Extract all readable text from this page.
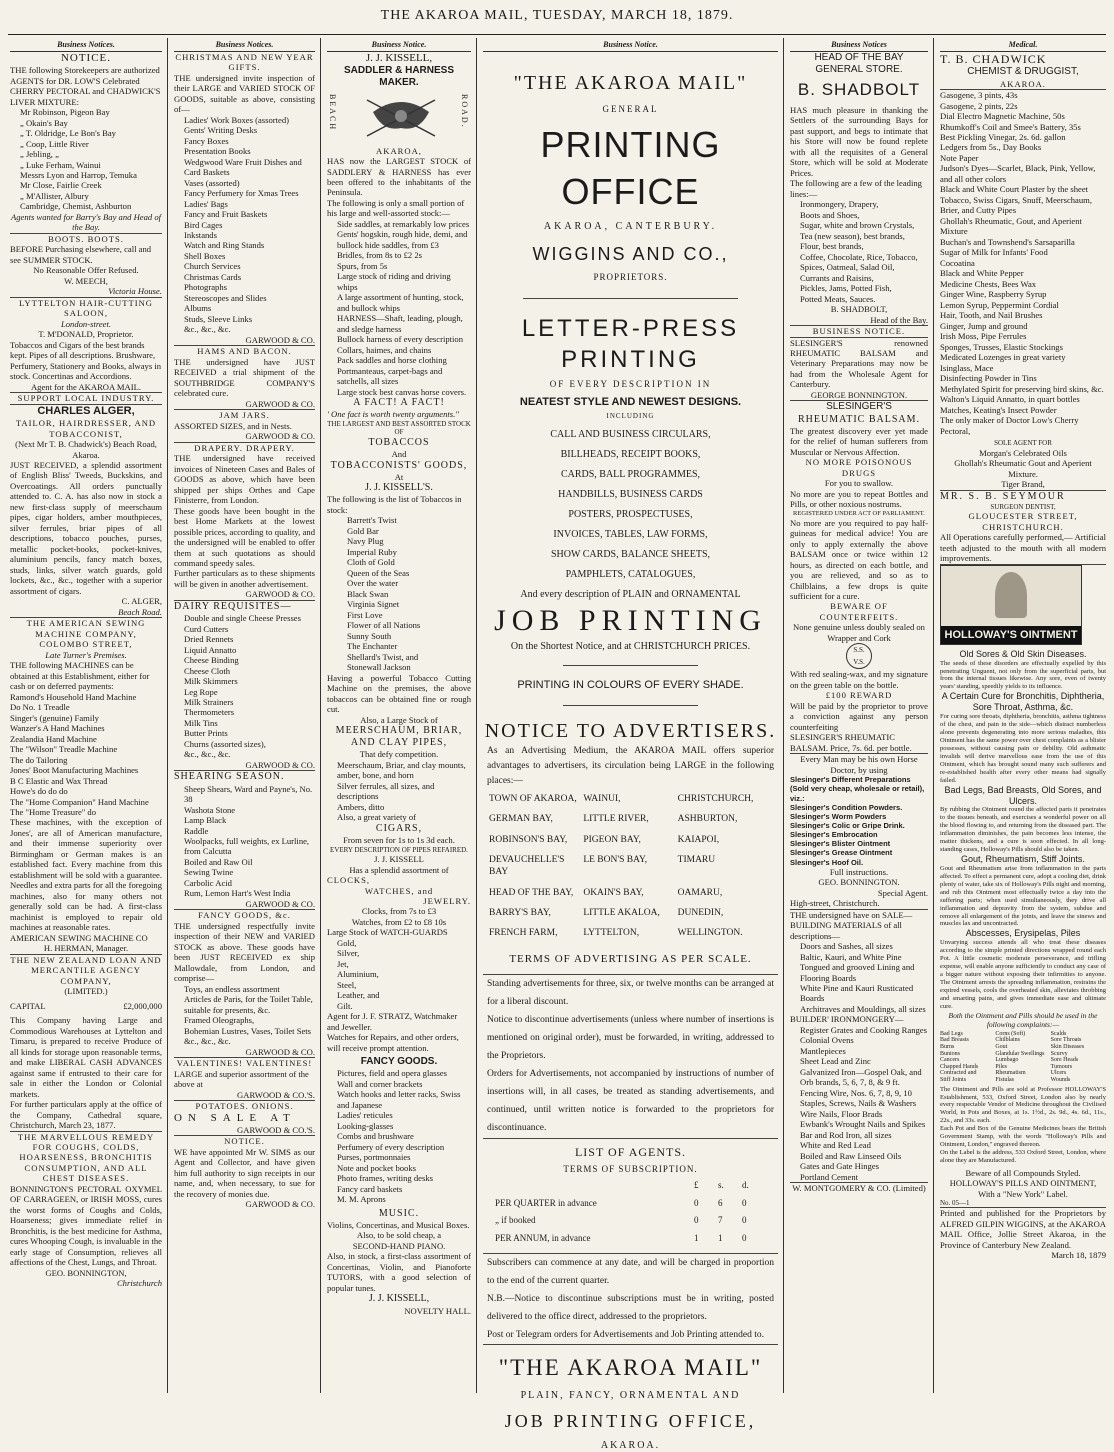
THE AKAROA MAIL, TUESDAY, MARCH 18, 1879.
Business Notices.
NOTICE.

THE following Storekeepers are authorized AGENTS for DR. LOW'S Celebrated CHERRY PECTORAL and CHADWICK'S LIVER MIXTURE:

Mr Robinson, Pigeon Bay
„ Okain's Bay
„ T. Oldridge, Le Bon's Bay
„ Coop, Little River
„ Jebling, „
„ Luke Ferham, Wainui
Messrs Lyon and Harrop, Temuka
Mr Close, Fairlie Creek
„ M'Allister, Albury
Cambridge, Chemist, Ashburton

Agents wanted for Barry's Bay and Head of the Bay.

BOOTS. BOOTS.

BEFORE Purchasing elsewhere, call and see SUMMER STOCK.

No Reasonable Offer Refused.

W. MEECH,

Victoria House.

LYTTELTON HAIR-CUTTING SALOON,

London-street.

T. M'DONALD, Proprietor.

Tobaccos and Cigars of the best brands kept. Pipes of all descriptions. Brushware, Perfumery, Stationery and Books, always in stock. Concertinas and Accordions.

Agent for the AKAROA MAIL.

SUPPORT LOCAL INDUSTRY.
CHARLES ALGER,
TAILOR, HAIRDRESSER, AND TOBACCONIST,

(Next Mr T. B. Chadwick's) Beach Road, Akaroa.

JUST RECEIVED, a splendid assortment of English Bliss' Tweeds, Buckskins, and Overcoatings. All orders punctually attended to. C. A. has also now in stock a new first-class supply of meerschaum pipes, cigar holders, amber mouthpieces, silver ferrules, briar pipes of all descriptions, tobacco pouches, purses, metallic pocket-books, pocket-knives, aluminium pencils, fancy match boxes, studs, links, silver watch guards, gold lockets, &c., &c., together with a superior assortment of cigars.

C. ALGER,

Beach Road.

THE AMERICAN SEWING MACHINE COMPANY,
COLOMBO STREET,

Late Turner's Premises.

THE following MACHINES can be obtained at this Establishment, either for cash or on deferred payments:

Ramond's Household Hand Machine
Do No. 1 Treadle
Singer's (genuine) Family
Wanzer's A Hand Machines
Zealandia Hand Machine
The "Wilson" Treadle Machine
The do Tailoring
Jones' Boot Manufacturing Machines
B C Elastic and Wax Thread
Howe's do do do
The "Home Companion" Hand Machine
The "Home Treasure" do

These machines, with the exception of Jones', are all of American manufacture, and their immense superiority over Birmingham or German makes is an established fact. Every machine from this establishment will be sold with a guarantee. Needles and extra parts for all the foregoing machines, also for many others not generally sold can be had. A first-class machinist is employed to repair old machines at reasonable rates.

AMERICAN SEWING MACHINE CO

H. HERMAN, Manager.

THE NEW ZEALAND LOAN AND MERCANTILE AGENCY COMPANY,

(LIMITED.)

CAPITAL	£2,000,000

This Company having Large and Commodious Warehouses at Lyttelton and Timaru, is prepared to receive Produce of all kinds for storage upon reasonable terms, and make LIBERAL CASH ADVANCES against same if entrusted to their care for sale in either the London or Colonial markets.

For further particulars apply at the office of the Company, Cathedral square, Christchurch, March 23, 1877.

THE MARVELLOUS REMEDY FOR COUGHS, COLDS, HOARSENESS, BRONCHITIS CONSUMPTION, AND ALL CHEST DISEASES.

BONNINGTON'S PECTORAL OXYMEL OF CARRAGEEN, or IRISH MOSS, cures the worst forms of Coughs and Colds, Hoarseness; gives immediate relief in Bronchitis, is the best medicine for Asthma, cures Whooping Cough, is invaluable in the early stage of Consumption, relieves all affections of the Chest, Lungs, and Throat.

GEO. BONNINGTON,

Christchurch

Business Notices.
CHRISTMAS AND NEW YEAR GIFTS.

THE undersigned invite inspection of their LARGE and VARIED STOCK OF GOODS, suitable as above, consisting of—

Ladies' Work Boxes (assorted)
Gents' Writing Desks
Fancy Boxes
Presentation Books
Wedgwood Ware Fruit Dishes and Card Baskets
Vases (assorted)
Fancy Perfumery for Xmas Trees
Ladies' Bags
Fancy and Fruit Baskets
Bird Cages
Inkstands
Watch and Ring Stands
Shell Boxes
Church Services
Christmas Cards
Photographs
Stereoscopes and Slides
Albums
Studs, Sleeve Links
&c., &c., &c.

GARWOOD & CO.

HAMS AND BACON.

THE undersigned have JUST RECEIVED a trial shipment of the SOUTHBRIDGE COMPANY'S celebrated cure.

GARWOOD & CO.

JAM JARS.

ASSORTED SIZES, and in Nests.

GARWOOD & CO.

DRAPERY. DRAPERY.

THE undersigned have received invoices of Nineteen Cases and Bales of GOODS as above, which have been shipped per ships Orthes and Cape Finisterre, from London.

These goods have been bought in the best Home Markets at the lowest possible prices, according to quality, and the undersigned will be enabled to offer them at such quotations as should command speedy sales.

Further particulars as to these shipments will be given in another advertisement.

GARWOOD & CO.

DAIRY REQUISITES—
Double and single Cheese Presses
Curd Cutters
Dried Rennets
Liquid Annatto
Cheese Binding
Cheese Cloth
Milk Skimmers
Leg Rope
Milk Strainers
Thermometers
Milk Tins
Butter Prints
Churns (assorted sizes),
&c., &c., &c.

GARWOOD & CO.

SHEARING SEASON.
Sheep Shears, Ward and Payne's, No. 38
Washota Stone
Lamp Black
Raddle
Woolpacks, full weights, ex Lurline, from Calcutta
Boiled and Raw Oil
Sewing Twine
Carbolic Acid
Rum, Lemon Hart's West India

GARWOOD & CO.

FANCY GOODS, &c.

THE undersigned respectfully invite inspection of their NEW and VARIED STOCK as above. These goods have been JUST RECEIVED ex ship Mallowdale, from London, and comprise—

Toys, an endless assortment
Articles de Paris, for the Toilet Table, suitable for presents, &c.
Framed Oleographs,
Bohemian Lustres, Vases, Toilet Sets
&c., &c., &c.

GARWOOD & CO.

VALENTINES! VALENTINES!

LARGE and superior assortment of the above at

GARWOOD & CO.'S.

POTATOES. ONIONS.

ON SALE AT

GARWOOD & CO.'S.

NOTICE.

WE have appointed Mr W. SIMS as our Agent and Collector, and have given him full authority to sign receipts in our name, and, when necessary, to sue for the recovery of monies due.

GARWOOD & CO.

Business Notice.
J. J. KISSELL,
SADDLER & HARNESS MAKER.
BEACH	ROAD.
AKAROA,

HAS now the LARGEST STOCK of SADDLERY & HARNESS has ever been offered to the inhabitants of the Peninsula.

The following is only a small portion of his large and well-assorted stock:—

Side saddles, at remarkably low prices
Gents' hogskin, rough hide, demi, and bullock hide saddles, from £3
Bridles, from 8s to £2 2s
Spurs, from 5s
Large stock of riding and driving whips
A large assortment of hunting, stock, and bullock whips
HARNESS—Shaft, leading, plough, and sledge harness
Bullock harness of every description
Collars, haimes, and chains
Pack saddles and horse clothing
Portmanteaus, carpet-bags and satchells, all sizes
Large stock best canvas horse covers.
A FACT! A FACT!

' One fact is worth twenty arguments."

THE LARGEST AND BEST ASSORTED STOCK OF

TOBACCOS
And
TOBACCONISTS' GOODS,
At
J. J. KISSELL'S.

The following is the list of Tobaccos in stock:

Barrett's Twist
Gold Bar
Navy Plug
Imperial Ruby
Cloth of Gold
Queen of the Seas
Over the water
Black Swan
Virginia Signet
First Love
Flower of all Nations
Sunny South
The Enchanter
Shellard's Twist, and
Stonewall Jackson

Having a powerful Tobacco Cutting Machine on the premises, the above tobaccos can be obtained fine or rough cut.

Also, a Large Stock of

MEERSCHAUM, BRIAR, AND CLAY PIPES,

That defy competition.

Meerschaum, Briar, and clay mounts, amber, bone, and horn
Silver ferrules, all sizes, and descriptions
Ambers, ditto
Also, a great variety of
CIGARS,

From seven for 1s to 1s 3d each.

EVERY DESCRIPTION OF PIPES REFAIRED.

J. J. KISSELL

Has a splendid assortment of

CLOCKS,
WATCHES, and
JEWELRY.

Clocks, from 7s to £3

Watches, from £2 to £8 10s

Large Stock of WATCH-GUARDS

Gold,
Silver,
Jet,
Aluminium,
Steel,
Leather, and
Gilt.

Agent for J. F. STRATZ, Watchmaker and Jeweller.

Watches for Repairs, and other orders, will receive prompt attention.

FANCY GOODS.
Pictures, field and opera glasses
Wall and corner brackets
Watch hooks and letter racks, Swiss and Japanese
Ladies' reticules
Looking-glasses
Combs and brushware
Perfumery of every description
Purses, portmonnaies
Note and pocket books
Photo frames, writing desks
Fancy card baskets
M. M. Aprons
MUSIC.

Violins, Concertinas, and Musical Boxes.

Also, to be sold cheap, a

SECOND-HAND PIANO.

Also, in stock, a first-class assortment of Concertinas, Violin, and Pianoforte TUTORS, with a good selection of popular tunes.

J. J. KISSELL,

NOVELTY HALL.

Business Notice.
"THE AKAROA MAIL"
GENERAL
PRINTING OFFICE
AKAROA, CANTERBURY.
WIGGINS AND CO.,
PROPRIETORS.
LETTER-PRESS PRINTING
OF EVERY DESCRIPTION IN
NEATEST STYLE AND NEWEST DESIGNS.
INCLUDING
CALL AND BUSINESS CIRCULARS,
BILLHEADS, RECEIPT BOOKS,
CARDS, BALL PROGRAMMES,
HANDBILLS, BUSINESS CARDS
POSTERS, PROSPECTUSES,
INVOICES, TABLES, LAW FORMS,
SHOW CARDS, BALANCE SHEETS,
PAMPHLETS, CATALOGUES,

And every description of PLAIN and ORNAMENTAL

JOB PRINTING

On the Shortest Notice, and at CHRISTCHURCH PRICES.

PRINTING IN COLOURS OF EVERY SHADE.
NOTICE TO ADVERTISERS.

As an Advertising Medium, the AKAROA MAIL offers superior advantages to advertisers, its circulation being LARGE in the following places:—

TOWN OF AKAROA, WAINUI,	CHRISTCHURCH,
GERMAN BAY,	LITTLE RIVER,	ASHBURTON,
ROBINSON'S BAY,	PIGEON BAY,	KAIAPOI,
DEVAUCHELLE'S BAY
LE BON'S BAY,	TIMARU
HEAD OF THE BAY,	OKAIN'S BAY,	OAMARU,
BARRY'S BAY,	LITTLE AKALOA,	DUNEDIN,
FRENCH FARM,	LYTTELTON,	WELLINGTON.
TERMS OF ADVERTISING AS PER SCALE.

Standing advertisements for three, six, or twelve months can be arranged at for a liberal discount.

Notice to discontinue advertisements (unless where number of insertions is mentioned on original order), must be forwarded, in writing, addressed to the Proprietors.

Orders for Advertisements, not accompanied by instructions of number of insertions will, in all cases, be treated as standing advertisements, and continued, until written notice is forwarded to the proprietors for discontinuance.

LIST OF AGENTS.
TERMS OF SUBSCRIPTION.
£	s.	d.
PER QUARTER in advance	0	6	0
„ if booked	0	7	0
PER ANNUM, in advance	1	1	0

Subscribers can commence at any date, and will be charged in proportion to the end of the current quarter.

N.B.—Notice to discontinue subscriptions must be in writing, posted delivered to the office direct, addressed to the proprietors.

Post or Telegram orders for Advertisements and Job Printing attended to.

"THE AKAROA MAIL"
PLAIN, FANCY, ORNAMENTAL AND
JOB PRINTING OFFICE,
AKAROA.
Business Notices
HEAD OF THE BAY GENERAL STORE.
B. SHADBOLT

HAS much pleasure in thanking the Settlers of the surrounding Bays for past support, and begs to intimate that his Store will now be found replete with all the requisites of a General Store, which will be sold at Moderate Prices.

The following are a few of the leading lines:—

Ironmongery, Drapery,
Boots and Shoes,
Sugar, white and brown Crystals,
Tea (new season), best brands,
Flour, best brands,
Coffee, Chocolate, Rice, Tobacco,
Spices, Oatmeal, Salad Oil,
Currants and Raisins,
Pickles, Jams, Potted Fish,
Potted Meats, Sauces.

B. SHADBOLT,

Head of the Bay.

BUSINESS NOTICE.

SLESINGER'S renowned RHEUMATIC BALSAM and Veterinary Preparations may now be had from the Wholesale Agent for Canterbury.

GEORGE BONNINGTON.

SLESINGER'S
RHEUMATIC BALSAM.

The greatest discovery ever yet made for the relief of human sufferers from Muscular or Nervous Affection.

NO MORE POISONOUS DRUGS

For you to swallow.

No more are you to repeat Bottles and Pills, or other noxious nostrums.

REGISTERED UNDER ACT OF PARLIAMENT.

No more are you required to pay half-guineas for medical advice! You are only to apply externally the above BALSAM once or twice within 12 hours, as directed on each bottle, and you are relieved, and so as to Chilblains, a few drops is quite sufficient for a cure.

BEWARE OF COUNTERFEITS.

None genuine unless doubly sealed on Wrapper and Cork

S.S. V.S.

With red sealing-wax, and my signature on the green table on the bottle.

£100 REWARD

Will be paid by the proprietor to prove a conviction against any person counterfeiting

SLESINGER'S RHEUMATIC BALSAM. Price, 7s. 6d. per bottle.

Every Man may be his own Horse Doctor, by using

Slesinger's Different Preparations
(Sold very cheap, wholesale or retail), viz.:
Slesinger's Condition Powders.
Slesinger's Worm Powders
Slesinger's Colic or Gripe Drink.
Slesinger's Embrocation
Slesinger's Blister Ointment
Slesinger's Grease Ointment
Slesinger's Hoof Oil.

Full instructions.

GEO. BONNINGTON.

Special Agent.

High-street, Christchurch.

THE undersigned have on SALE—

BUILDING MATERIALS of all descriptions—

Doors and Sashes, all sizes
Baltic, Kauri, and White Pine
Tongued and grooved Lining and Flooring Boards
White Pine and Kauri Rusticated Boards
Architraves and Mouldings, all sizes

BUILDER' IRONMONGERY—

Register Grates and Cooking Ranges
Colonial Ovens
Mantlepieces
Sheet Lead and Zinc
Galvanized Iron—Gospel Oak, and Orb brands, 5, 6, 7, 8, & 9 ft.
Fencing Wire, Nos. 6, 7, 8, 9, 10
Staples, Screws, Nails & Washers
Wire Nails, Floor Brads
Ewbank's Wrought Nails and Spikes
Bar and Rod Iron, all sizes
White and Red Lead
Boiled and Raw Linseed Oils
Gates and Gate Hinges
Portland Cement

W. MONTGOMERY & CO. (Limited)

Medical.
T. B. CHADWICK
CHEMIST & DRUGGIST,
AKAROA.
Gasogene, 3 pints, 43s
Gasogene, 2 pints, 22s
Dial Electro Magnetic Machine, 50s
Rhumkoff's Coil and Smee's Battery, 35s
Best Pickling Vinegar, 2s. 6d. gallon
Ledgers from 5s., Day Books
Note Paper
Judson's Dyes—Scarlet, Black, Pink, Yellow, and all other colors
Black and White Court Plaster by the sheet
Tobacco, Swiss Cigars, Snuff, Meerschaum, Brier, and Cutty Pipes
Ghollah's Rheumatic, Gout, and Aperient Mixture
Buchan's and Townshend's Sarsaparilla
Sugar of Milk for Infants' Food
Cocoatina
Black and White Pepper
Medicine Chests, Bees Wax
Ginger Wine, Raspberry Syrup
Lemon Syrup, Peppermint Cordial
Hair, Tooth, and Nail Brushes
Ginger, Jump and ground
Irish Moss, Pipe Ferrules
Sponges, Trusses, Elastic Stockings
Medicated Lozenges in great variety
Isinglass, Mace
Disinfecting Powder in Tins
Methylated Spirit for preserving bird skins, &c.
Walton's Liquid Annatto, in quart bottles
Matches, Keating's Insect Powder
The only maker of Doctor Low's Cherry Pectoral,

SOLE AGENT FOR

Morgan's Celebrated Oils
Ghollah's Rheumatic Gout and Aperient Mixture.
Tiger Brand,
MR. S. B. SEYMOUR
SURGEON DENTIST,
GLOUCESTER STREET,
CHRISTCHURCH.

All Operations carefully performed,— Artificial teeth adjusted to the mouth with all modern improvements.

HOLLOWAY'S OINTMENT
Old Sores & Old Skin Diseases.

The seeds of these disorders are effectually expelled by this penetrating Unguent, not only from the superficial parts, but from the internal tissues likewise. Any sore, even of twenty years' standing, speedily yields to its influence.

A Certain Cure for Bronchitis, Diphtheria, Sore Throat, Asthma, &c.

For curing sore throats, diphtheria, bronchitis, asthma tightness of the chest, and pain in the side—which distract numberless alone prevents degenerating into more serious maladies, this Ointment has the same power over chest complaints as a blister possesses, without causing pain or debility. Old asthmatic invalids will derive marvellous ease from the use of this Ointment, which has brought sound many such sufferers and re-established health after every other means had signally failed.

Bad Legs, Bad Breasts, Old Sores, and Ulcers.

By rubbing the Ointment round the affected parts it penetrates to the tissues beneath, and exercises a wonderful power on all the blood flowing to, and returning from the diseased part. The inflammation diminishes, the pain becomes less intense, the matter thickens, and a cure is soon effected. In all long-standing cases, Holloway's Pills should also be taken.

Gout, Rheumatism, Stiff Joints.

Gout and Rheumatism arise from inflammation in the parts affected. To effect a permanent cure, adopt a cooling diet, drink plenty of water, take six of Holloway's Pills night and morning, and rub this Ointment most effectually twice a day into the suffering parts; when used simultaneously, they drive all inflammation and depravity from the system, subdue and remove all enlargement of the joints, and leave the sinews and muscles lax and uncontracted.

Abscesses, Erysipelas, Piles

Unvarying success attends all who treat these diseases according to the simple printed directions wrapped round each Pot. A little cosmetic moderate perseverance, and trifling expense, will enable anyone sufficiently to conduct any case of a bigger nature without exposing their infirmities to anyone. The Ointment arrests the spreading inflammation, restrains the expired vessels, cools the overheated skin, alleviates throbbing and smarting pains, and gives immediate ease and ultimate cure.

Both the Ointment and Pills should be used in the following complaints:—

Bad Legs	Corns (Soft)	Scalds
Bad Breasts	Chilblains	Sore Throats
Burns	Gout	Skin Diseases
Bunions	Glandular Swellings	Scurvy
Cancers	Lumbago	Sore Heads
Chapped Hands	Piles	Tumours
Contracted and	Rheumatism	Ulcers
Stiff Joints	Fistulas	Wounds

The Ointment and Pills are sold at Professor HOLLOWAY'S Establishment, 533, Oxford Street, London also by nearly every respectable Vendor of Medicine throughout the Civilised World, in Pots and Boxes, at 1s. 1½d., 2s. 9d., 4s. 6d., 11s., 22s., and 33s. each.

Each Pot and Box of the Genuine Medicines bears the British Government Stamp, with the words "Holloway's Pills and Ointment, London," engraved thereon.

On the Label is the address, 533 Oxford Street, London, where alone they are Manufactured.

Beware of all Compounds Styled.

HOLLOWAY'S PILLS AND OINTMENT,

With a "New York" Label.

No. 05—1

Printed and published for the Proprietors by ALFRED GILPIN WIGGINS, at the AKAROA MAIL Office, Jollie Street Akaroa, in the Province of Canterbury New Zealand.

March 18, 1879
